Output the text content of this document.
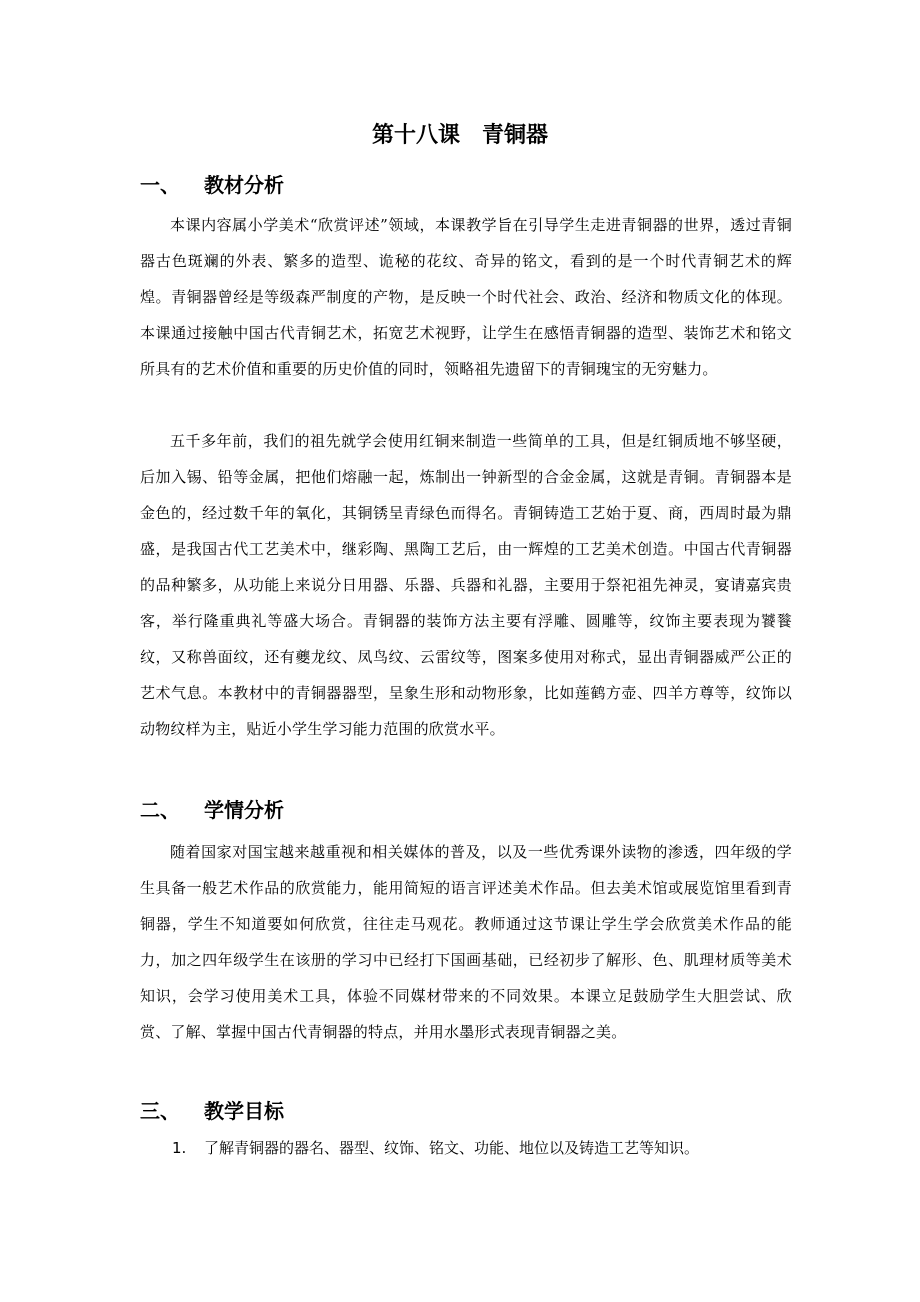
第十八课　青铜器
一、 教材分析

本课内容属小学美术“欣赏评述”领域，本课教学旨在引导学生走进青铜器的世界，透过青铜器古色斑斓的外表、繁多的造型、诡秘的花纹、奇异的铭文，看到的是一个时代青铜艺术的辉煌。青铜器曾经是等级森严制度的产物，是反映一个时代社会、政治、经济和物质文化的体现。本课通过接触中国古代青铜艺术，拓宽艺术视野，让学生在感悟青铜器的造型、装饰艺术和铭文所具有的艺术价值和重要的历史价值的同时，领略祖先遗留下的青铜瑰宝的无穷魅力。

五千多年前，我们的祖先就学会使用红铜来制造一些简单的工具，但是红铜质地不够坚硬，后加入锡、铅等金属，把他们熔融一起，炼制出一钟新型的合金金属，这就是青铜。青铜器本是金色的，经过数千年的氧化，其铜锈呈青绿色而得名。青铜铸造工艺始于夏、商，西周时最为鼎盛，是我国古代工艺美术中，继彩陶、黑陶工艺后，由一辉煌的工艺美术创造。中国古代青铜器的品种繁多，从功能上来说分日用器、乐器、兵器和礼器，主要用于祭祀祖先神灵，宴请嘉宾贵客，举行隆重典礼等盛大场合。青铜器的装饰方法主要有浮雕、圆雕等，纹饰主要表现为饕餮纹，又称兽面纹，还有夔龙纹、凤鸟纹、云雷纹等，图案多使用对称式，显出青铜器威严公正的艺术气息。本教材中的青铜器器型，呈象生形和动物形象，比如莲鹤方壶、四羊方尊等，纹饰以动物纹样为主，贴近小学生学习能力范围的欣赏水平。

二、 学情分析

随着国家对国宝越来越重视和相关媒体的普及，以及一些优秀课外读物的渗透，四年级的学生具备一般艺术作品的欣赏能力，能用简短的语言评述美术作品。但去美术馆或展览馆里看到青铜器，学生不知道要如何欣赏，往往走马观花。教师通过这节课让学生学会欣赏美术作品的能力，加之四年级学生在该册的学习中已经打下国画基础，已经初步了解形、色、肌理材质等美术知识，会学习使用美术工具，体验不同媒材带来的不同效果。本课立足鼓励学生大胆尝试、欣赏、了解、掌握中国古代青铜器的特点，并用水墨形式表现青铜器之美。

三、 教学目标
1. 了解青铜器的器名、器型、纹饰、铭文、功能、地位以及铸造工艺等知识。
